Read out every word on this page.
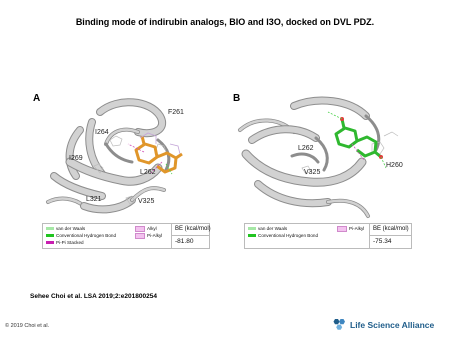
Binding mode of indirubin analogs, BIO and I3O, docked on DVL PDZ.
A
F261
I264
I269
L262
L321	V325
van der Waals
Conventional Hydrogen Bond
Pi-Pi Stacked
Alkyl
Pi-Alkyl
BE (kcal/mol)
-81.80
B
L262
V325
H260
van der Waals
Conventional Hydrogen Bond
Pi-Alkyl BE (kcal/mol)
-75.34
Sehee Choi et al. LSA 2019;2:e201800254
© 2019 Choi et al.	Life Science Alliance
